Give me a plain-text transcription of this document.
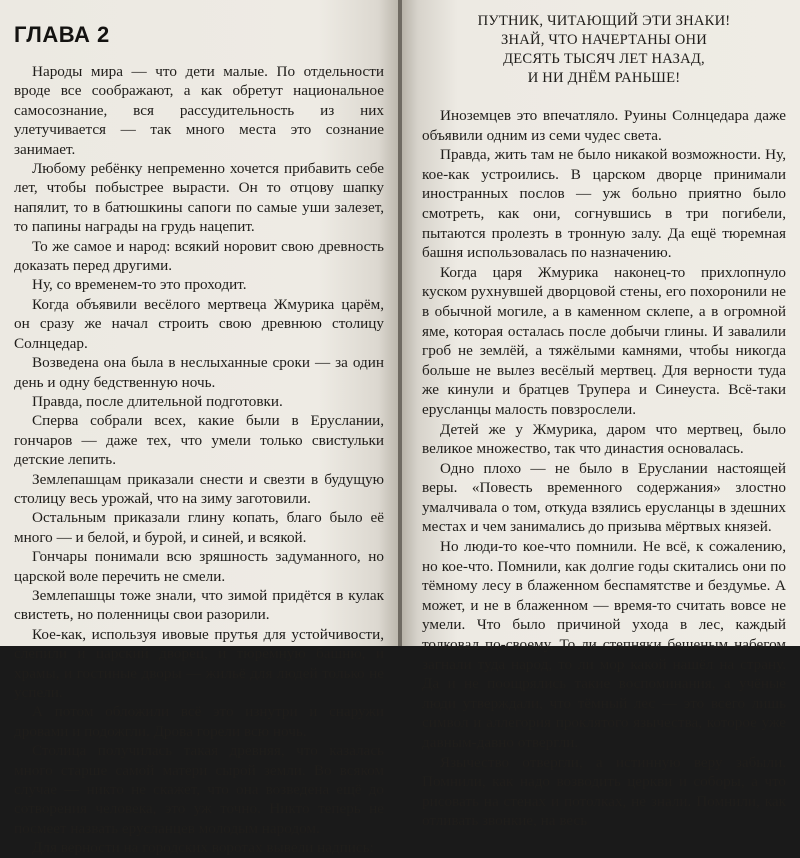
ГЛАВА 2

Народы мира — что дети малые. По отдельности вроде все соображают, а как обретут национальное самосознание, вся рассудительность из них улетучивается — так много места это сознание занимает.

Любому ребёнку непременно хочется прибавить себе лет, чтобы побыстрее вырасти. Он то отцову шапку напялит, то в батюшкины сапоги по самые уши залезет, то папины награды на грудь нацепит.

То же самое и народ: всякий норовит свою древность доказать перед другими.

Ну, со временем-то это проходит.

Когда объявили весёлого мертвеца Жмурика царём, он сразу же начал строить свою древнюю столицу Солнцедар.

Возведена она была в неслыханные сроки — за один день и одну бедственную ночь.

Правда, после длительной подготовки.

Сперва собрали всех, какие были в Еруслании, гончаров — даже тех, что умели только свистульки детские лепить.

Землепашцам приказали снести и свезти в будущую столицу весь урожай, что на зиму заготовили.

Остальным приказали глину копать, благо было её много — и белой, и бурой, и синей, и всякой.

Гончары понимали всю зряшность задуманного, но царской воле перечить не смели.

Землепашцы тоже знали, что зимой придётся в кулак свистеть, но поленницы свои разорили.

Кое-как, используя ивовые прутья для устойчивости, слепили и царский дворец, и тюремную башню, и храмы, и гостиные дворы — жильё для людей только не успели.

А потом обложили всё это изнутри и снаружи дровами и подожгли. Дрова горели всю ночь.

Столица получилась такая древняя, что казалась много старше самой матери сырой земли. Во всяком случае — никто не скажет, что она возведена ещё до сотворения человека, это уж точно. Никто теперь не посмеет назвать ерусланцев молодым народом.

Для верности на городских воротах вывели надпись:

ПУТНИК, ЧИТАЮЩИЙ ЭТИ ЗНАКИ!
ЗНАЙ, ЧТО НАЧЕРТАНЫ ОНИ
ДЕСЯТЬ ТЫСЯЧ ЛЕТ НАЗАД,
И НИ ДНЁМ РАНЬШЕ!

Иноземцев это впечатляло. Руины Солнцедара даже объявили одним из семи чудес света.

Правда, жить там не было никакой возможности. Ну, кое-как устроились. В царском дворце принимали иностранных послов — уж больно приятно было смотреть, как они, согнувшись в три погибели, пытаются пролезть в тронную залу. Да ещё тюремная башня использовалась по назначению.

Когда царя Жмурика наконец-то прихлопнуло куском рухнувшей дворцовой стены, его похоронили не в обычной могиле, а в каменном склепе, а в огромной яме, которая осталась после добычи глины. И завалили гроб не землёй, а тяжёлыми камнями, чтобы никогда больше не вылез весёлый мертвец. Для верности туда же кинули и братцев Трупера и Синеуста. Всё-таки ерусланцы малость повзрослели.

Детей же у Жмурика, даром что мертвец, было великое множество, так что династия основалась.

Одно плохо — не было в Еруслании настоящей веры. «Повесть временного содержания» злостно умалчивала о том, откуда взялись ерусланцы в здешних местах и чем занимались до призыва мёртвых князей.

Но люди-то кое-что помнили. Не всё, к сожалению, но кое-что. Помнили, как долгие годы скитались они по тёмному лесу в блаженном беспамятстве и бездумье. А может, и не в блаженном — время-то считать вовсе не умели. Что было причиной ухода в лес, каждый толковал по-своему. То ли степняки бешеным набегом загнали туда народ, то ли мор какой нашёл на страну. Да и не поощрялись такие воспоминания, а учёные люди утверждали, что тёмный лес — это всего лишь символ и аллегория проклятого язычества, которое уже давным-давно отвергли.

Язычество отвергли, а истинную веру забыли. Помнили, как надо возводить церкви и соборы, а что рисовать на стенах и потолках, не знали. Помнили, как отливать звонкие, на весь
